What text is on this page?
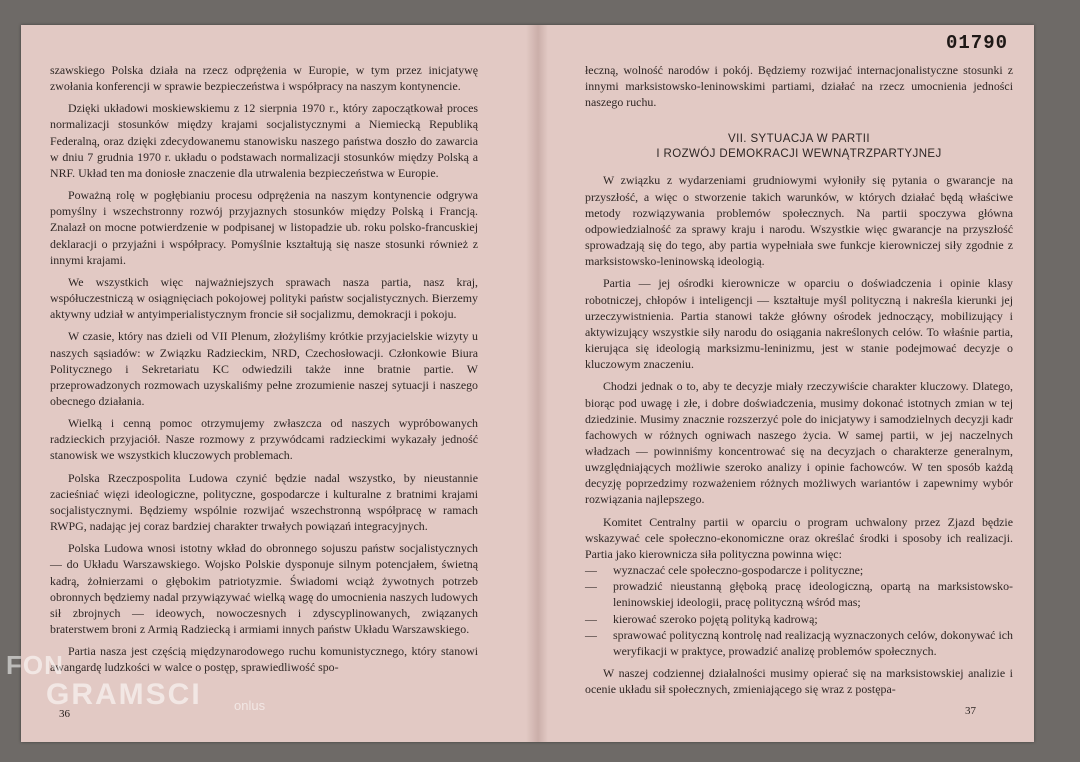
01790

szawskiego Polska działa na rzecz odprężenia w Europie, w tym przez inicjatywę zwołania konferencji w sprawie bezpieczeństwa i współpracy na naszym kontynencie.

Dzięki układowi moskiewskiemu z 12 sierpnia 1970 r., który zapoczątkował proces normalizacji stosunków między krajami socjalistycznymi a Niemiecką Republiką Federalną, oraz dzięki zdecydowanemu stanowisku naszego państwa doszło do zawarcia w dniu 7 grudnia 1970 r. układu o podstawach normalizacji stosunków między Polską a NRF. Układ ten ma doniosłe znaczenie dla utrwalenia bezpieczeństwa w Europie.

Poważną rolę w pogłębianiu procesu odprężenia na naszym kontynencie odgrywa pomyślny i wszechstronny rozwój przyjaznych stosunków między Polską i Francją. Znalazł on mocne potwierdzenie w podpisanej w listopadzie ub. roku polsko-francuskiej deklaracji o przyjaźni i współpracy. Pomyślnie kształtują się nasze stosunki również z innymi krajami.

We wszystkich więc najważniejszych sprawach nasza partia, nasz kraj, współuczestniczą w osiągnięciach pokojowej polityki państw socjalistycznych. Bierzemy aktywny udział w antyimperialistycznym froncie sił socjalizmu, demokracji i pokoju.

W czasie, który nas dzieli od VII Plenum, złożyliśmy krótkie przyjacielskie wizyty u naszych sąsiadów: w Związku Radzieckim, NRD, Czechosłowacji. Członkowie Biura Politycznego i Sekretariatu KC odwiedzili także inne bratnie partie. W przeprowadzonych rozmowach uzyskaliśmy pełne zrozumienie naszej sytuacji i naszego obecnego działania.

Wielką i cenną pomoc otrzymujemy zwłaszcza od naszych wypróbowanych radzieckich przyjaciół. Nasze rozmowy z przywódcami radzieckimi wykazały jedność stanowisk we wszystkich kluczowych problemach.

Polska Rzeczpospolita Ludowa czynić będzie nadal wszystko, by nieustannie zacieśniać więzi ideologiczne, polityczne, gospodarcze i kulturalne z bratnimi krajami socjalistycznymi. Będziemy wspólnie rozwijać wszechstronną współpracę w ramach RWPG, nadając jej coraz bardziej charakter trwałych powiązań integracyjnych.

Polska Ludowa wnosi istotny wkład do obronnego sojuszu państw socjalistycznych — do Układu Warszawskiego. Wojsko Polskie dysponuje silnym potencjałem, świetną kadrą, żołnierzami o głębokim patriotyzmie. Świadomi wciąż żywotnych potrzeb obronnych będziemy nadal przywiązywać wielką wagę do umocnienia naszych ludowych sił zbrojnych — ideowych, nowoczesnych i zdyscyplinowanych, związanych braterstwem broni z Armią Radziecką i armiami innych państw Układu Warszawskiego.

Partia nasza jest częścią międzynarodowego ruchu komunistycznego, który stanowi awangardę ludzkości w walce o postęp, sprawiedliwość spo-

36

łeczną, wolność narodów i pokój. Będziemy rozwijać internacjonalistyczne stosunki z innymi marksistowsko-leninowskimi partiami, działać na rzecz umocnienia jedności naszego ruchu.

VII. SYTUACJA W PARTII
I ROZWÓJ DEMOKRACJI WEWNĄTRZPARTYJNEJ

W związku z wydarzeniami grudniowymi wyłoniły się pytania o gwarancje na przyszłość, a więc o stworzenie takich warunków, w których działać będą właściwe metody rozwiązywania problemów społecznych. Na partii spoczywa główna odpowiedzialność za sprawy kraju i narodu. Wszystkie więc gwarancje na przyszłość sprowadzają się do tego, aby partia wypełniała swe funkcje kierowniczej siły zgodnie z marksistowsko-leninowską ideologią.

Partia — jej ośrodki kierownicze w oparciu o doświadczenia i opinie klasy robotniczej, chłopów i inteligencji — kształtuje myśl polityczną i nakreśla kierunki jej urzeczywistnienia. Partia stanowi także główny ośrodek jednoczący, mobilizujący i aktywizujący wszystkie siły narodu do osiągania nakreślonych celów. To właśnie partia, kierująca się ideologią marksizmu-leninizmu, jest w stanie podejmować decyzje o kluczowym znaczeniu.

Chodzi jednak o to, aby te decyzje miały rzeczywiście charakter kluczowy. Dlatego, biorąc pod uwagę i złe, i dobre doświadczenia, musimy dokonać istotnych zmian w tej dziedzinie. Musimy znacznie rozszerzyć pole do inicjatywy i samodzielnych decyzji kadr fachowych w różnych ogniwach naszego życia. W samej partii, w jej naczelnych władzach — powinniśmy koncentrować się na decyzjach o charakterze generalnym, uwzględniających możliwie szeroko analizy i opinie fachowców. W ten sposób każdą decyzję poprzedzimy rozważeniem różnych możliwych wariantów i zapewnimy wybór rozwiązania najlepszego.

Komitet Centralny partii w oparciu o program uchwalony przez Zjazd będzie wskazywać cele społeczno-ekonomiczne oraz określać środki i sposoby ich realizacji. Partia jako kierownicza siła polityczna powinna więc:

— wyznaczać cele społeczno-gospodarcze i polityczne;
— prowadzić nieustanną głęboką pracę ideologiczną, opartą na marksistowsko-leninowskiej ideologii, pracę polityczną wśród mas;
— kierować szeroko pojętą polityką kadrową;
— sprawować polityczną kontrolę nad realizacją wyznaczonych celów, dokonywać ich weryfikacji w praktyce, prowadzić analizę problemów społecznych.

W naszej codziennej działalności musimy opierać się na marksistowskiej analizie i ocenie układu sił społecznych, zmieniającego się wraz z postępa-

37
FON
GRAMSCI onlus
